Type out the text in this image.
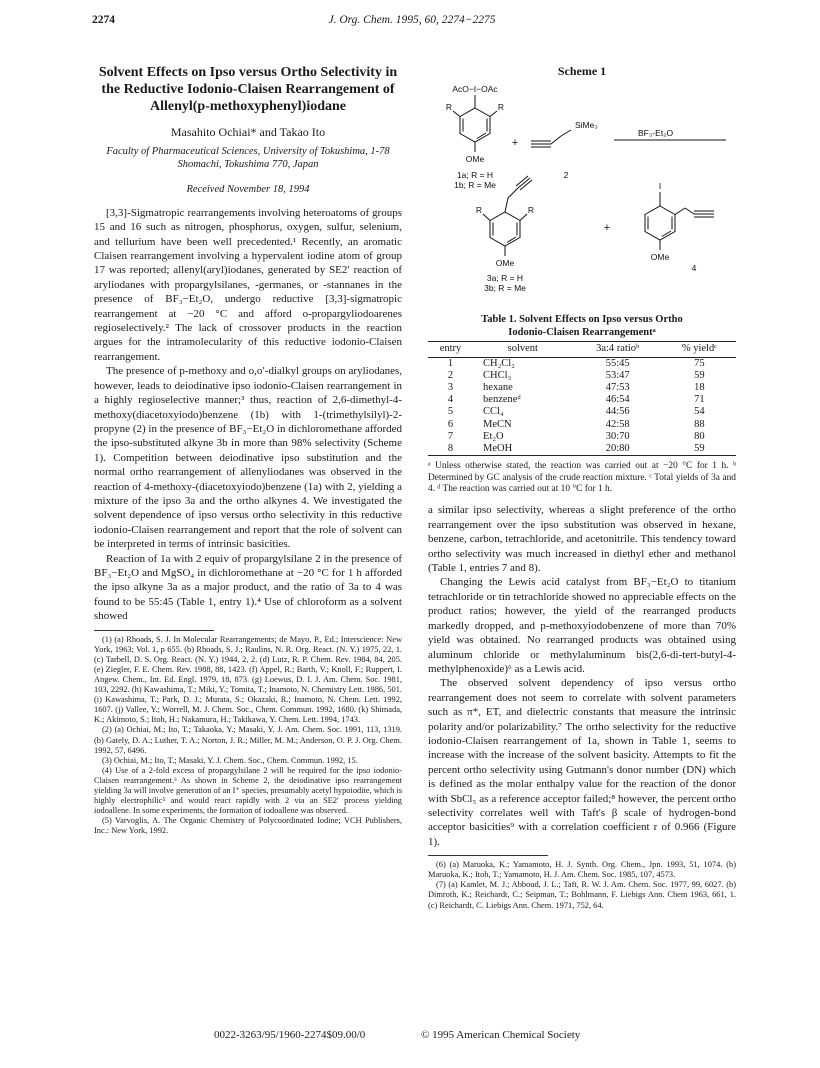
2274	J. Org. Chem. 1995, 60, 2274−2275
Solvent Effects on Ipso versus Ortho Selectivity in the Reductive Iodonio-Claisen Rearrangement of Allenyl(p-methoxyphenyl)iodane
Masahito Ochiai* and Takao Ito
Faculty of Pharmaceutical Sciences, University of Tokushima, 1-78 Shomachi, Tokushima 770, Japan
Received November 18, 1994

[3,3]-Sigmatropic rearrangements involving heteroatoms of groups 15 and 16 such as nitrogen, phosphorus, oxygen, sulfur, selenium, and tellurium have been well precedented.¹ Recently, an aromatic Claisen rearrangement involving a hypervalent iodine atom of group 17 was reported; allenyl(aryl)iodanes, generated by SE2′ reaction of aryliodanes with propargylsilanes, -germanes, or -stannanes in the presence of BF₃−Et₂O, undergo reductive [3,3]-sigmatropic rearrangement at −20 °C and afford o-propargyliodoarenes regioselectively.² The lack of crossover products in the reaction argues for the intramolecularity of this reductive iodonio-Claisen rearrangement.

The presence of p-methoxy and o,o′-dialkyl groups on aryliodanes, however, leads to deiodinative ipso iodonio-Claisen rearrangement in a highly regioselective manner;³ thus, reaction of 2,6-dimethyl-4-methoxy(diacetoxyiodo)benzene (1b) with 1-(trimethylsilyl)-2-propyne (2) in the presence of BF₃−Et₂O in dichloromethane afforded the ipso-substituted alkyne 3b in more than 98% selectivity (Scheme 1). Competition between deiodinative ipso substitution and the normal ortho rearrangement of allenyliodanes was observed in the reaction of 4-methoxy-(diacetoxyiodo)benzene (1a) with 2, yielding a mixture of the ipso 3a and the ortho alkynes 4. We investigated the solvent dependence of ipso versus ortho selectivity in this reductive iodonio-Claisen rearrangement and report that the role of solvent can be interpreted in terms of intrinsic basicities.

Reaction of 1a with 2 equiv of propargylsilane 2 in the presence of BF₃−Et₂O and MgSO₄ in dichloromethane at −20 °C for 1 h afforded the ipso alkyne 3a as a major product, and the ratio of 3a to 4 was found to be 55:45 (Table 1, entry 1).⁴ Use of chloroform as a solvent showed

(1) (a) Rhoads, S. J. In Molecular Rearrangements; de Mayo, P., Ed.; Interscience: New York, 1963; Vol. 1, p 655. (b) Rhoads, S. J.; Raulins, N. R. Org. React. (N. Y.) 1975, 22, 1. (c) Tarbell, D. S. Org. React. (N. Y.) 1944, 2, 2. (d) Lutz, R. P. Chem. Rev. 1984, 84, 205. (e) Ziegler, F. E. Chem. Rev. 1988, 88, 1423. (f) Appel, R.; Barth, V.; Knoll, F.; Ruppert, I. Angew. Chem., Int. Ed. Engl. 1979, 18, 873. (g) Loewus, D. I. J. Am. Chem. Soc. 1981, 103, 2292. (h) Kawashima, T.; Miki, Y.; Tomita, T.; Inamoto, N. Chemistry Lett. 1986, 501. (i) Kawashima, T.; Park, D. J.; Murata, S.; Okazaki, R.; Inamoto, N. Chem. Lett. 1992, 1607. (j) Vallee, Y.; Worrell, M. J. Chem. Soc., Chem. Commun. 1992, 1680. (k) Shimada, K.; Akimoto, S.; Itoh, H.; Nakamura, H.; Takikawa, Y. Chem. Lett. 1994, 1743.

(2) (a) Ochiai, M.; Ito, T.; Takaoka, Y.; Masaki, Y. J. Am. Chem. Soc. 1991, 113, 1319. (b) Gately, D. A.; Luther, T. A.; Norton, J. R.; Miller, M. M.; Anderson, O. P. J. Org. Chem. 1992, 57, 6496.

(3) Ochiai, M.; Ito, T.; Masaki, Y. J. Chem. Soc., Chem. Commun. 1992, 15.

(4) Use of a 2-fold excess of propargylsilane 2 will be required for the ipso iodonio-Claisen rearrangement.³ As shown in Scheme 2, the deiodinative ipso rearrangement yielding 3a will involve generation of an I⁺ species, presumably acetyl hypoiodite, which is highly electrophilic⁵ and would react rapidly with 2 via an SE2′ process yielding iodoallene. In some experiments, the formation of iodoallene was observed.

(5) Varvoglis, A. The Organic Chemistry of Polycoordinated Iodine; VCH Publishers, Inc.: New York, 1992.

Scheme 1
AcO−I−OAc
R	R
OMe
1a; R = H
1b; R = Me
+
SiMe₃
2
BF₃-Et₂O
R	R
OMe
3a; R = H
3b; R = Me
+
I
OMe
4
Table 1. Solvent Effects on Ipso versus Ortho
Iodonio-Claisen Rearrangementᵃ
entry	solvent	3a:4 ratioᵇ	% yieldᶜ
1	CH₂Cl₂	55:45	75
2	CHCl₃	53:47	59
3	hexane	47:53	18
4	benzeneᵈ	46:54	71
5	CCl₄	44:56	54
6	MeCN	42:58	88
7	Et₂O	30:70	80
8	MeOH	20:80	59
ᵃ Unless otherwise stated, the reaction was carried out at −20 °C for 1 h. ᵇ Determined by GC analysis of the crude reaction mixture. ᶜ Total yields of 3a and 4. ᵈ The reaction was carried out at 10 °C for 1 h.

a similar ipso selectivity, whereas a slight preference of the ortho rearrangement over the ipso substitution was observed in hexane, benzene, carbon, tetrachloride, and acetonitrile. This tendency toward ortho selectivity was much increased in diethyl ether and methanol (Table 1, entries 7 and 8).

Changing the Lewis acid catalyst from BF₃−Et₂O to titanium tetrachloride or tin tetrachloride showed no appreciable effects on the product ratios; however, the yield of the rearranged products markedly dropped, and p-methoxyiodobenzene of more than 70% yield was obtained. No rearranged products was obtained using aluminum chloride or methylaluminum bis(2,6-di-tert-butyl-4-methylphenoxide)⁶ as a Lewis acid.

The observed solvent dependency of ipso versus ortho rearrangement does not seem to correlate with solvent parameters such as π*, ET, and dielectric constants that measure the intrinsic polarity and/or polarizability.⁷ The ortho selectivity for the reductive iodonio-Claisen rearrangement of 1a, shown in Table 1, seems to increase with the increase of the solvent basicity. Attempts to fit the percent ortho selectivity using Gutmann's donor number (DN) which is defined as the molar enthalpy value for the reaction of the donor with SbCl₅ as a reference acceptor failed;⁸ however, the percent ortho selectivity correlates well with Taft's β scale of hydrogen-bond acceptor basicities⁹ with a correlation coefficient r of 0.966 (Figure 1).

(6) (a) Maruoka, K.; Yamamoto, H. J. Synth. Org. Chem., Jpn. 1993, 51, 1074. (b) Maruoka, K.; Itoh, T.; Yamamoto, H. J. Am. Chem. Soc. 1985, 107, 4573.

(7) (a) Kamlet, M. J.; Abboud, J. L.; Taft, R. W. J. Am. Chem. Soc. 1977, 99, 6027. (b) Dimroth, K.; Reichardt, C.; Seipman, T.; Bohlmann, F. Liebigs Ann. Chem 1963, 661, 1. (c) Reichardt, C. Liebigs Ann. Chem. 1971, 752, 64.

0022-3263/95/1960-2274$09.00/0	© 1995 American Chemical Society
